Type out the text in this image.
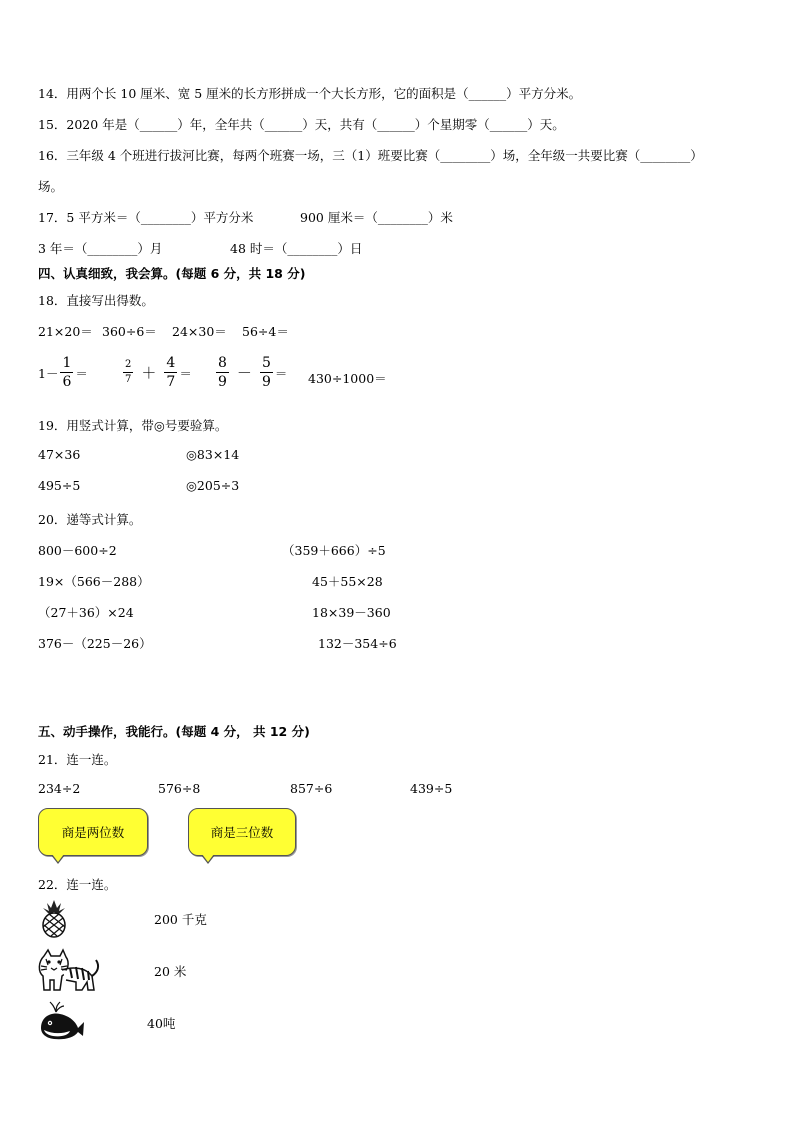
14．用两个长 10 厘米、宽 5 厘米的长方形拼成一个大长方形，它的面积是（______）平方分米。
15．2020 年是（______）年，全年共（______）天，共有（______）个星期零（______）天。
16．三年级 4 个班进行拔河比赛，每两个班赛一场，三（1）班要比赛（________）场，全年级一共要比赛（________）
场。
17．5 平方米＝（________）平方分米	900 厘米＝（________）米
3 年＝（________）月	48 时＝（________）日
四、认真细致，我会算。(每题 6 分，共 18 分)
18．直接写出得数。
21×20＝ 360÷6＝ 24×30＝ 56÷4＝
$1- \frac{1}{6}$ ＝	$\frac{2}{7} + \frac{4}{7} = \frac{8}{9} - \frac{5}{9} = 430\div 1000=$
19．用竖式计算，带◎号要验算。
47×36	◎83×14
495÷5	◎205÷3
20．递等式计算。
800－600÷2	（359＋666）÷5
19×（566－288）	45＋55×28
（27＋36）×24	18×39－360
376－（225－26）	132－354÷6
五、动手操作，我能行。(每题 4 分， 共 12 分)
21．连一连。
234÷2	576÷8	857÷6	439÷5
商是两位数	商是三位数
22．连一连。
200 千克
20 米
40吨
